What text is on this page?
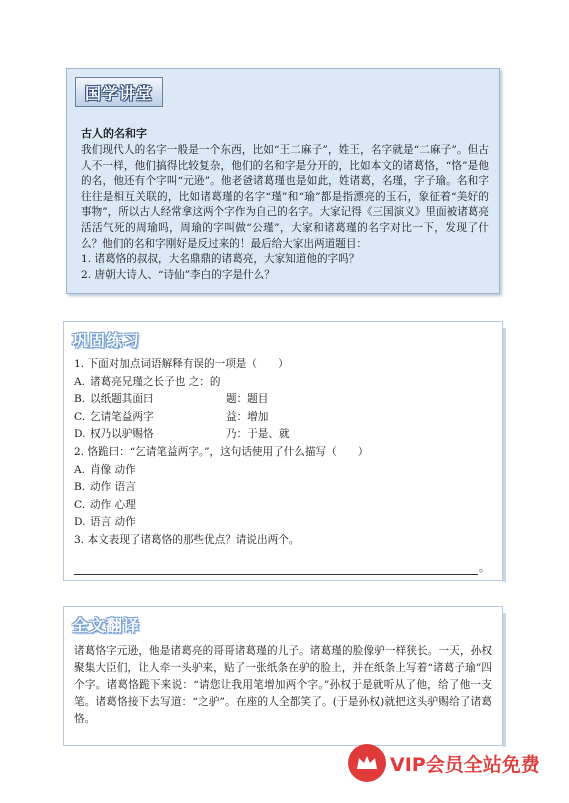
国学讲堂
古人的名和字

我们现代人的名字一般是一个东西，比如“王二麻子”，姓王，名字就是“二麻子”。但古人不一样，他们搞得比较复杂，他们的名和字是分开的，比如本文的诸葛恪，“恪”是他的名，他还有个字叫“元逊”。他老爸诸葛瑾也是如此，姓诸葛，名瑾，字子瑜。名和字往往是相互关联的，比如诸葛瑾的名字“瑾”和“瑜”都是指漂亮的玉石，象征着“美好的事物”，所以古人经常拿这两个字作为自己的名字。大家记得《三国演义》里面被诸葛亮活活气死的周瑜吗，周瑜的字叫做“公瑾”，大家和诸葛瑾的名字对比一下，发现了什么？他们的名和字刚好是反过来的！最后给大家出两道题目：

1. 诸葛恪的叔叔，大名鼎鼎的诸葛亮，大家知道他的字吗？

2. 唐朝大诗人、“诗仙”李白的字是什么？

巩固练习
1. 下面对加点词语解释有误的一项是（　　）
A. 诸葛亮兄瑾之长子也 之：的
B. 以纸题其面曰	题：题目
C. 乞请笔益两字	益：增加
D. 权乃以驴赐恪	乃：于是、就
2. 恪跪曰：“乞请笔益两字。”，这句话使用了什么描写（　　）
A. 肖像 动作
B. 动作 语言
C. 动作 心理
D. 语言 动作
3. 本文表现了诸葛恪的那些优点？请说出两个。
。
全文翻译

诸葛恪字元逊，他是诸葛亮的哥哥诸葛瑾的儿子。诸葛瑾的脸像驴一样狭长。一天，孙权聚集大臣们，让人牵一头驴来，贴了一张纸条在驴的脸上，并在纸条上写着“诸葛子瑜”四个字。诸葛恪跪下来说：“请您让我用笔增加两个字。”孙权于是就听从了他，给了他一支笔。诸葛恪接下去写道：“之驴”。在座的人全都笑了。(于是孙权)就把这头驴赐给了诸葛恪。

VIP会员全站免费
